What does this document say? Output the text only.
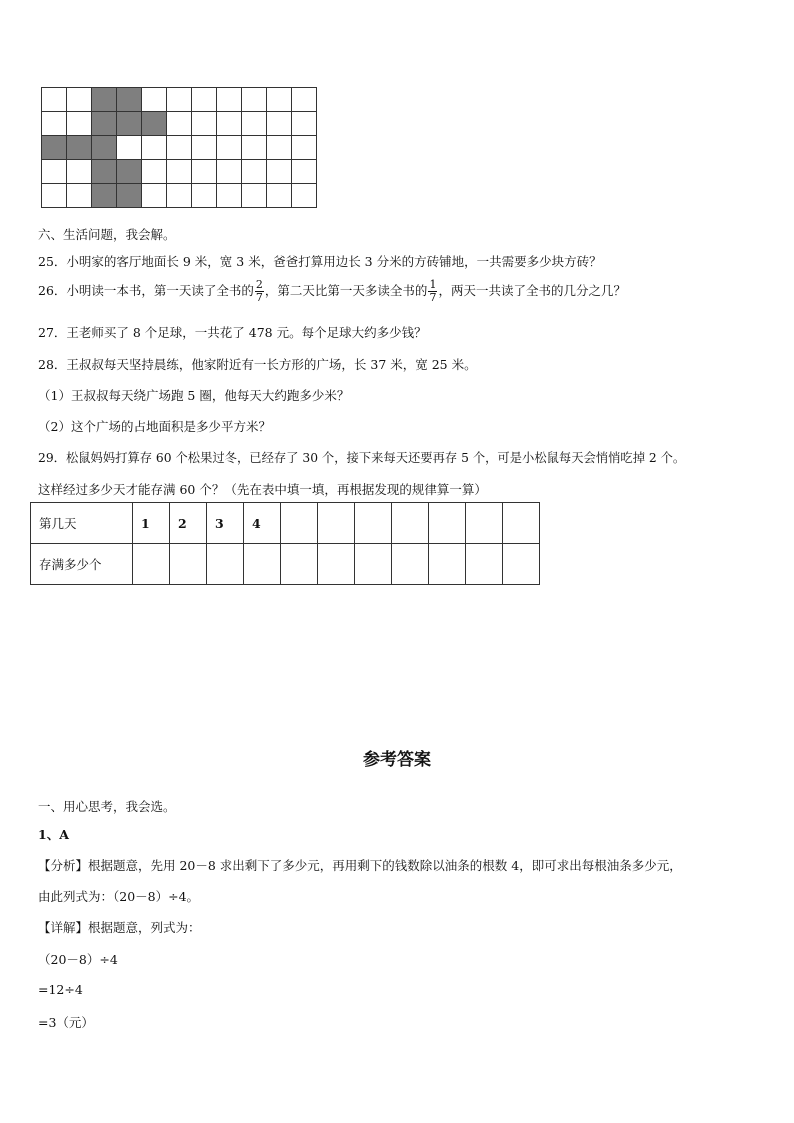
六、生活问题，我会解。
25．小明家的客厅地面长 9 米，宽 3 米，爸爸打算用边长 3 分米的方砖铺地，一共需要多少块方砖？
26．小明读一本书，第一天读了全书的 $\frac{2}{7}$ ，第二天比第一天多读全书的 $\frac{1}{7}$ ，两天一共读了全书的几分之几？
27．王老师买了 8 个足球，一共花了 478 元。每个足球大约多少钱？
28．王叔叔每天坚持晨练，他家附近有一长方形的广场，长 37 米，宽 25 米。
（1）王叔叔每天绕广场跑 5 圈，他每天大约跑多少米？
（2）这个广场的占地面积是多少平方米？
29．松鼠妈妈打算存 60 个松果过冬，已经存了 30 个，接下来每天还要再存 5 个，可是小松鼠每天会悄悄吃掉 2 个。
这样经过多少天才能存满 60 个？（先在表中填一填，再根据发现的规律算一算）
第几天	1	2	3	4							
存满多少个											
参考答案
一、用心思考，我会选。
1、A
【分析】根据题意，先用 20－8 求出剩下了多少元，再用剩下的钱数除以油条的根数 4，即可求出每根油条多少元，
由此列式为：（20－8）÷4。
【详解】根据题意，列式为：
（20－8）÷4
=12÷4
=3（元）
